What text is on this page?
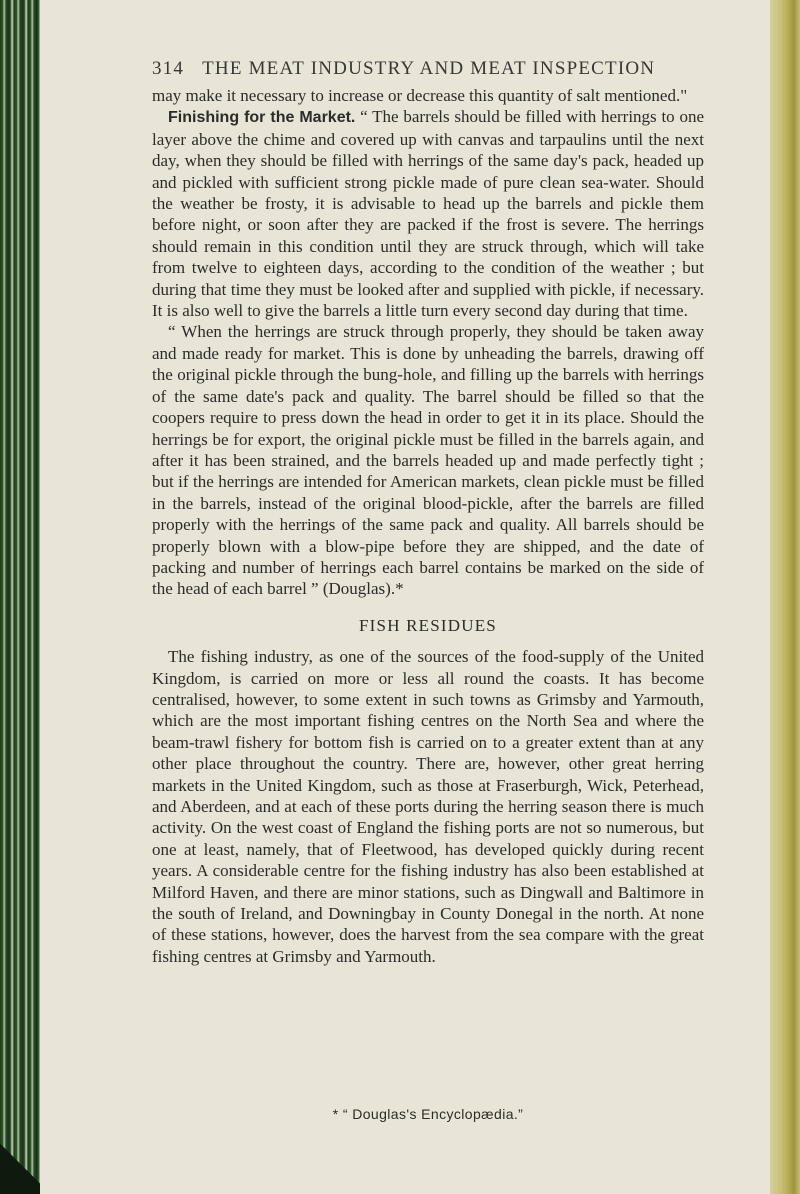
314 THE MEAT INDUSTRY AND MEAT INSPECTION

may make it necessary to increase or decrease this quantity of salt mentioned."

Finishing for the Market. “ The barrels should be filled with herrings to one layer above the chime and covered up with canvas and tarpaulins until the next day, when they should be filled with herrings of the same day's pack, headed up and pickled with sufficient strong pickle made of pure clean sea-water. Should the weather be frosty, it is advisable to head up the barrels and pickle them before night, or soon after they are packed if the frost is severe. The herrings should remain in this condition until they are struck through, which will take from twelve to eighteen days, according to the condition of the weather ; but during that time they must be looked after and supplied with pickle, if necessary. It is also well to give the barrels a little turn every second day during that time.

“ When the herrings are struck through properly, they should be taken away and made ready for market. This is done by unheading the barrels, drawing off the original pickle through the bung-hole, and filling up the barrels with herrings of the same date's pack and quality. The barrel should be filled so that the coopers require to press down the head in order to get it in its place. Should the herrings be for export, the original pickle must be filled in the barrels again, and after it has been strained, and the barrels headed up and made perfectly tight ; but if the herrings are intended for American markets, clean pickle must be filled in the barrels, instead of the original blood-pickle, after the barrels are filled properly with the herrings of the same pack and quality. All barrels should be properly blown with a blow-pipe before they are shipped, and the date of packing and number of herrings each barrel contains be marked on the side of the head of each barrel ” (Douglas).*

FISH RESIDUES

The fishing industry, as one of the sources of the food-supply of the United Kingdom, is carried on more or less all round the coasts. It has become centralised, however, to some extent in such towns as Grimsby and Yarmouth, which are the most important fishing centres on the North Sea and where the beam-trawl fishery for bottom fish is carried on to a greater extent than at any other place throughout the country. There are, however, other great herring markets in the United Kingdom, such as those at Fraserburgh, Wick, Peterhead, and Aberdeen, and at each of these ports during the herring season there is much activity. On the west coast of England the fishing ports are not so numerous, but one at least, namely, that of Fleetwood, has developed quickly during recent years. A considerable centre for the fishing industry has also been established at Milford Haven, and there are minor stations, such as Dingwall and Baltimore in the south of Ireland, and Downingbay in County Donegal in the north. At none of these stations, however, does the harvest from the sea compare with the great fishing centres at Grimsby and Yarmouth.

* “ Douglas's Encyclopædia.”
